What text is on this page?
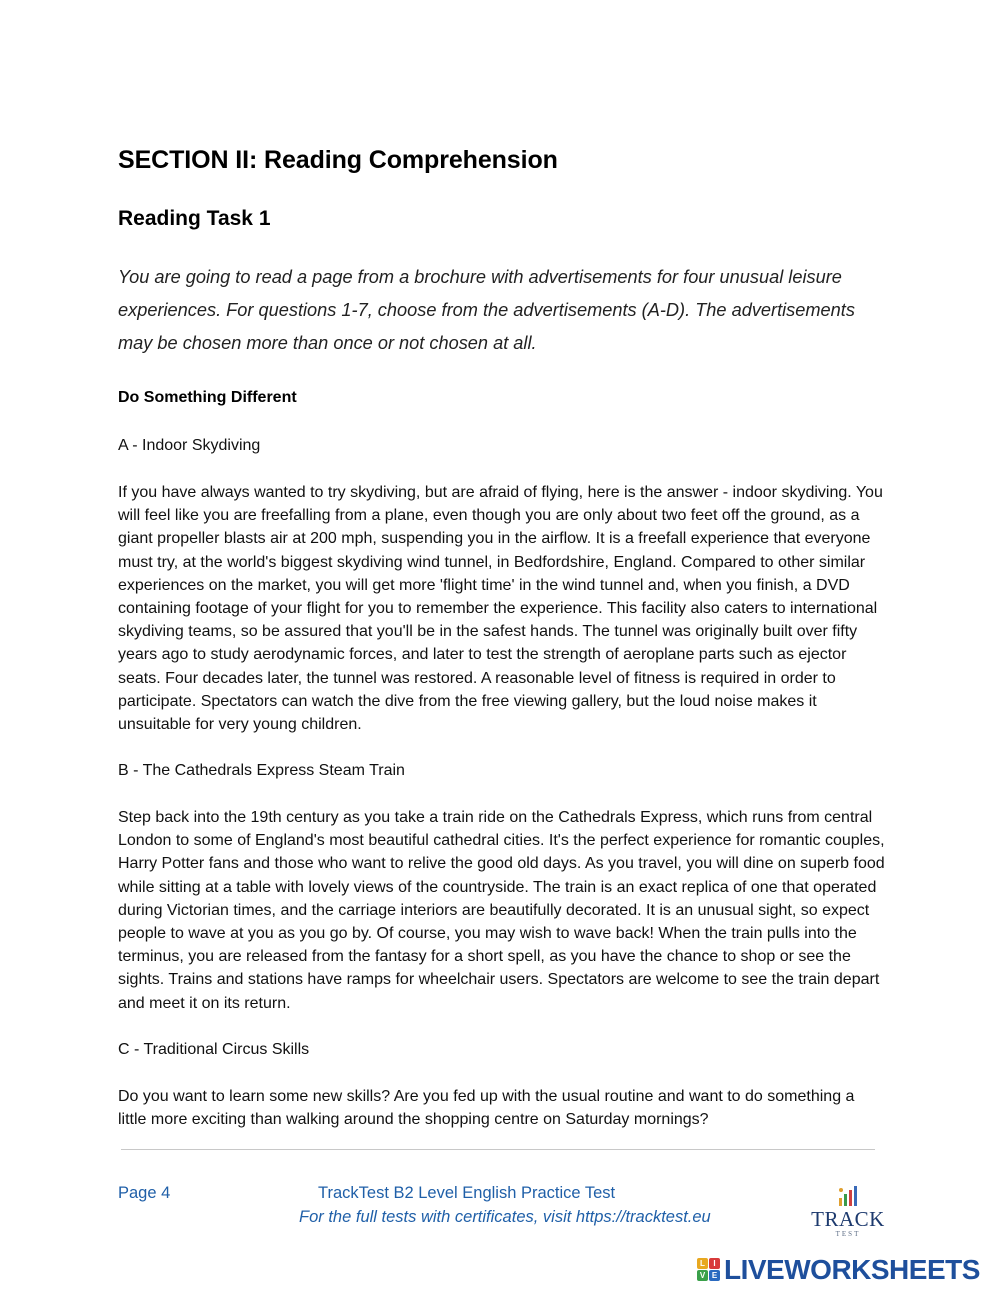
SECTION II: Reading Comprehension
Reading Task 1
You are going to read a page from a brochure with advertisements for four unusual leisure experiences. For questions 1-7, choose from the advertisements (A-D). The advertisements may be chosen more than once or not chosen at all.
Do Something Different
A - Indoor Skydiving
If you have always wanted to try skydiving, but are afraid of flying, here is the answer - indoor skydiving. You will feel like you are freefalling from a plane, even though you are only about two feet off the ground, as a giant propeller blasts air at 200 mph, suspending you in the airflow. It is a freefall experience that everyone must try, at the world's biggest skydiving wind tunnel, in Bedfordshire, England. Compared to other similar experiences on the market, you will get more 'flight time' in the wind tunnel and, when you finish, a DVD containing footage of your flight for you to remember the experience. This facility also caters to international skydiving teams, so be assured that you'll be in the safest hands. The tunnel was originally built over fifty years ago to study aerodynamic forces, and later to test the strength of aeroplane parts such as ejector seats. Four decades later, the tunnel was restored. A reasonable level of fitness is required in order to participate. Spectators can watch the dive from the free viewing gallery, but the loud noise makes it unsuitable for very young children.
B - The Cathedrals Express Steam Train
Step back into the 19th century as you take a train ride on the Cathedrals Express, which runs from central London to some of England's most beautiful cathedral cities. It's the perfect experience for romantic couples, Harry Potter fans and those who want to relive the good old days. As you travel, you will dine on superb food while sitting at a table with lovely views of the countryside. The train is an exact replica of one that operated during Victorian times, and the carriage interiors are beautifully decorated. It is an unusual sight, so expect people to wave at you as you go by. Of course, you may wish to wave back! When the train pulls into the terminus, you are released from the fantasy for a short spell, as you have the chance to shop or see the sights. Trains and stations have ramps for wheelchair users. Spectators are welcome to see the train depart and meet it on its return.
C - Traditional Circus Skills
Do you want to learn some new skills? Are you fed up with the usual routine and want to do something a little more exciting than walking around the shopping centre on Saturday mornings?
Page 4	TrackTest B2 Level English Practice Test
For the full tests with certificates, visit https://tracktest.eu	TRACK
TEST
L	I
V E LIVEWORKSHEETS
